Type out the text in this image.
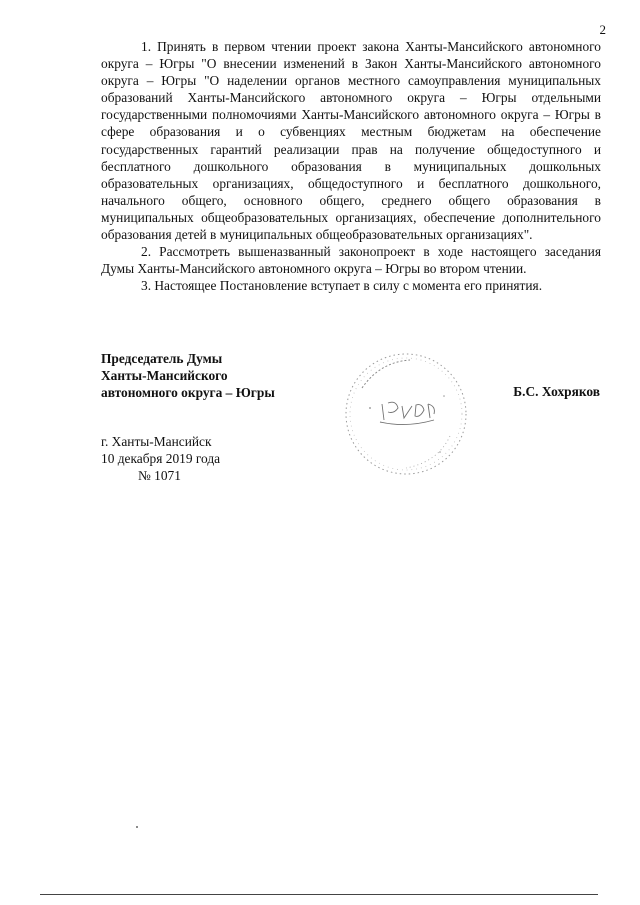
2

1. Принять в первом чтении проект закона Ханты-Мансийского автономного округа – Югры "О внесении изменений в Закон Ханты-Мансийского автономного округа – Югры "О наделении органов местного самоуправления муниципальных образований Ханты-Мансийского автономного округа – Югры отдельными государственными полномочиями Ханты-Мансийского автономного округа – Югры в сфере образования и о субвенциях местным бюджетам на обеспечение государственных гарантий реализации прав на получение общедоступного и бесплатного дошкольного образования в муниципальных дошкольных образовательных организациях, общедоступного и бесплатного дошкольного, начального общего, основного общего, среднего общего образования в муниципальных общеобразовательных организациях, обеспечение дополнительного образования детей в муниципальных общеобразовательных организациях".

2. Рассмотреть вышеназванный законопроект в ходе настоящего заседания Думы Ханты-Мансийского автономного округа – Югры во втором чтении.

3. Настоящее Постановление вступает в силу с момента его принятия.

Председатель Думы
Ханты-Мансийского
автономного округа – Югры	Б.С. Хохряков
г. Ханты-Мансийск
10 декабря 2019 года
№ 1071
